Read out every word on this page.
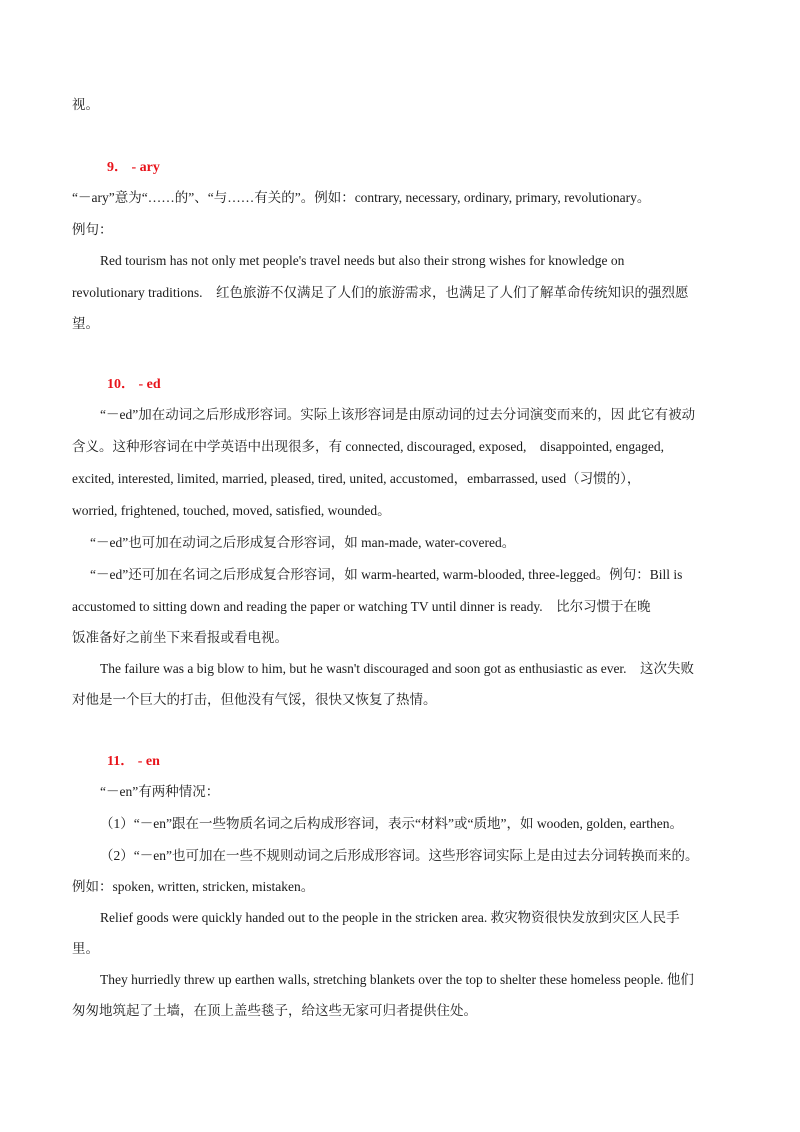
视。
9． - ary
“－ary”意为“……的”、“与……有关的”。例如：contrary, necessary, ordinary, primary, revolutionary。
例句：
Red tourism has not only met people's travel needs but also their strong wishes for knowledge on
revolutionary traditions.　红色旅游不仅满足了人们的旅游需求，也满足了人们了解革命传统知识的强烈愿
望。
10． - ed
“－ed”加在动词之后形成形容词。实际上该形容词是由原动词的过去分词演变而来的，因 此它有被动
含义。这种形容词在中学英语中出现很多，有 connected, discouraged, exposed,　disappointed, engaged,
excited, interested, limited, married, pleased, tired, united, accustomed，embarrassed, used（习惯的），
worried, frightened, touched, moved, satisfied, wounded。
“－ed”也可加在动词之后形成复合形容词，如 man-made, water-covered。
“－ed”还可加在名词之后形成复合形容词，如 warm-hearted, warm-blooded, three-legged。例句：Bill is
accustomed to sitting down and reading the paper or watching TV until dinner is ready.　比尔习惯于在晚
饭准备好之前坐下来看报或看电视。
The failure was a big blow to him, but he wasn't discouraged and soon got as enthusiastic as ever.　这次失败
对他是一个巨大的打击，但他没有气馁，很快又恢复了热情。
11． - en
“－en”有两种情况：
（1）“－en”跟在一些物质名词之后构成形容词，表示“材料”或“质地”，如 wooden, golden, earthen。
（2）“－en”也可加在一些不规则动词之后形成形容词。这些形容词实际上是由过去分词转换而来的。
例如：spoken, written, stricken, mistaken。
Relief goods were quickly handed out to the people in the stricken area. 救灾物资很快发放到灾区人民手
里。
They hurriedly threw up earthen walls, stretching blankets over the top to shelter these homeless people. 他们
匆匆地筑起了土墙，在顶上盖些毯子，给这些无家可归者提供住处。
